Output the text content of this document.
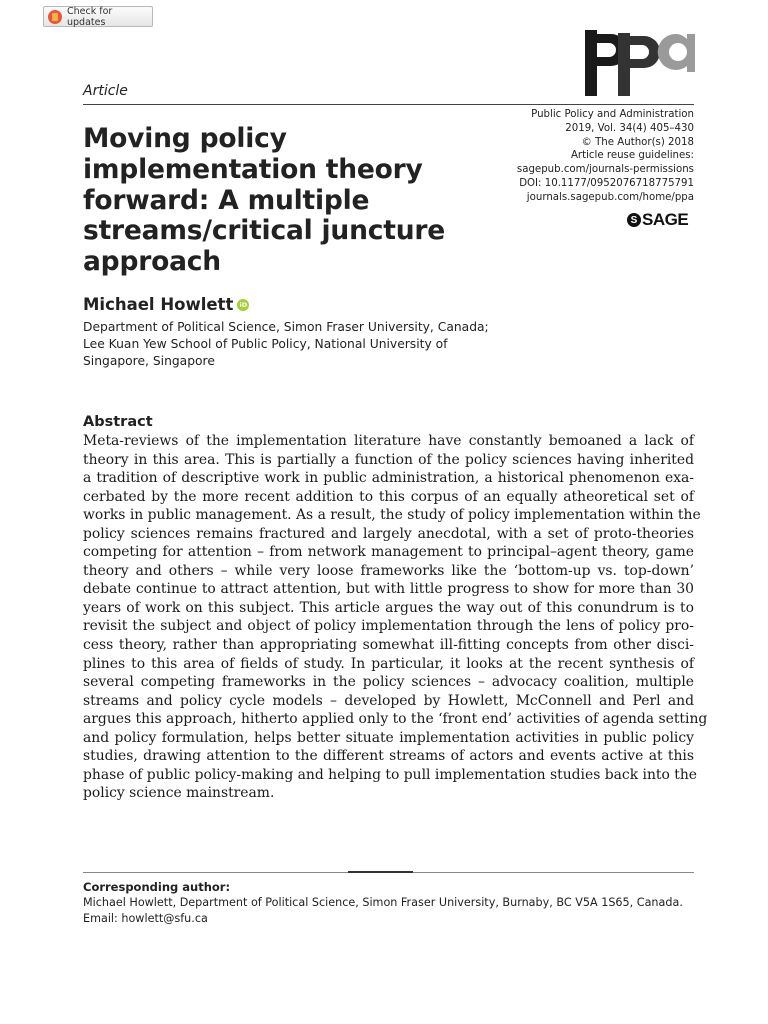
Check for updates
Article
Public Policy and Administration
2019, Vol. 34(4) 405–430
© The Author(s) 2018
Article reuse guidelines:
sagepub.com/journals-permissions
DOI: 10.1177/0952076718775791
journals.sagepub.com/home/ppa
S SAGE
Moving policy implementation theory forward: A multiple streams/critical juncture approach
Michael Howlett iD
Department of Political Science, Simon Fraser University, Canada;
Lee Kuan Yew School of Public Policy, National University of
Singapore, Singapore
Abstract
Meta-reviews of the implementation literature have constantly bemoaned a lack of
theory in this area. This is partially a function of the policy sciences having inherited
a tradition of descriptive work in public administration, a historical phenomenon exa-
cerbated by the more recent addition to this corpus of an equally atheoretical set of
works in public management. As a result, the study of policy implementation within the
policy sciences remains fractured and largely anecdotal, with a set of proto-theories
competing for attention – from network management to principal–agent theory, game
theory and others – while very loose frameworks like the ‘bottom-up vs. top-down’
debate continue to attract attention, but with little progress to show for more than 30
years of work on this subject. This article argues the way out of this conundrum is to
revisit the subject and object of policy implementation through the lens of policy pro-
cess theory, rather than appropriating somewhat ill-fitting concepts from other disci-
plines to this area of fields of study. In particular, it looks at the recent synthesis of
several competing frameworks in the policy sciences – advocacy coalition, multiple
streams and policy cycle models – developed by Howlett, McConnell and Perl and
argues this approach, hitherto applied only to the ‘front end’ activities of agenda setting
and policy formulation, helps better situate implementation activities in public policy
studies, drawing attention to the different streams of actors and events active at this
phase of public policy-making and helping to pull implementation studies back into the
policy science mainstream.
Corresponding author:
Michael Howlett, Department of Political Science, Simon Fraser University, Burnaby, BC V5A 1S65, Canada.
Email: howlett@sfu.ca
